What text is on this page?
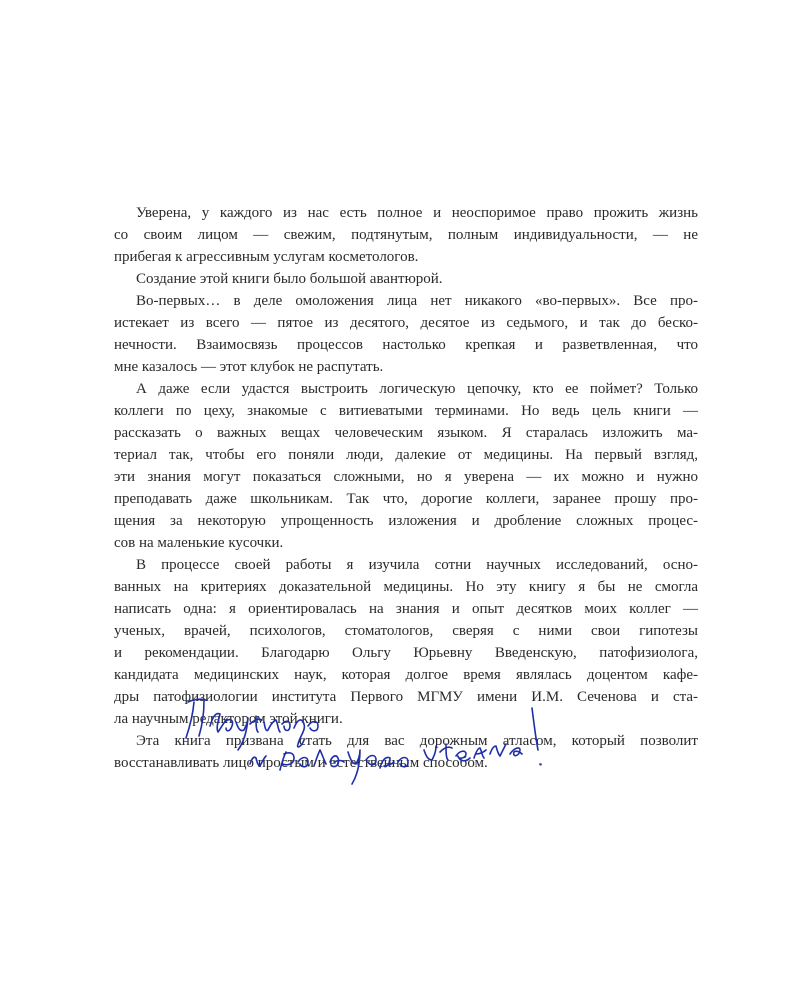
Уверена, у каждого из нас есть полное и неоспоримое право прожить жизнь
со своим лицом — свежим, подтянутым, полным индивидуальности, — не
прибегая к агрессивным услугам косметологов.
Создание этой книги было большой авантюрой.
Во-первых… в деле омоложения лица нет никакого «во-первых». Все про-
истекает из всего — пятое из десятого, десятое из седьмого, и так до беско-
нечности. Взаимосвязь процессов настолько крепкая и разветвленная, что
мне казалось — этот клубок не распутать.
А даже если удастся выстроить логическую цепочку, кто ее поймет? Только
коллеги по цеху, знакомые с витиеватыми терминами. Но ведь цель книги —
рассказать о важных вещах человеческим языком. Я старалась изложить ма-
териал так, чтобы его поняли люди, далекие от медицины. На первый взгляд,
эти знания могут показаться сложными, но я уверена — их можно и нужно
преподавать даже школьникам. Так что, дорогие коллеги, заранее прошу про-
щения за некоторую упрощенность изложения и дробление сложных процес-
сов на маленькие кусочки.
В процессе своей работы я изучила сотни научных исследований, осно-
ванных на критериях доказательной медицины. Но эту книгу я бы не смогла
написать одна: я ориентировалась на знания и опыт десятков моих коллег —
ученых, врачей, психологов, стоматологов, сверяя с ними свои гипотезы
и рекомендации. Благодарю Ольгу Юрьевну Введенскую, патофизиолога,
кандидата медицинских наук, которая долгое время являлась доцентом кафе-
дры патофизиологии института Первого МГМУ имени И.М. Сеченова и ста-
ла научным редактором этой книги.
Эта книга призвана стать для вас дорожным атласом, который позволит
восстанавливать лицо простым и естественным способом.
